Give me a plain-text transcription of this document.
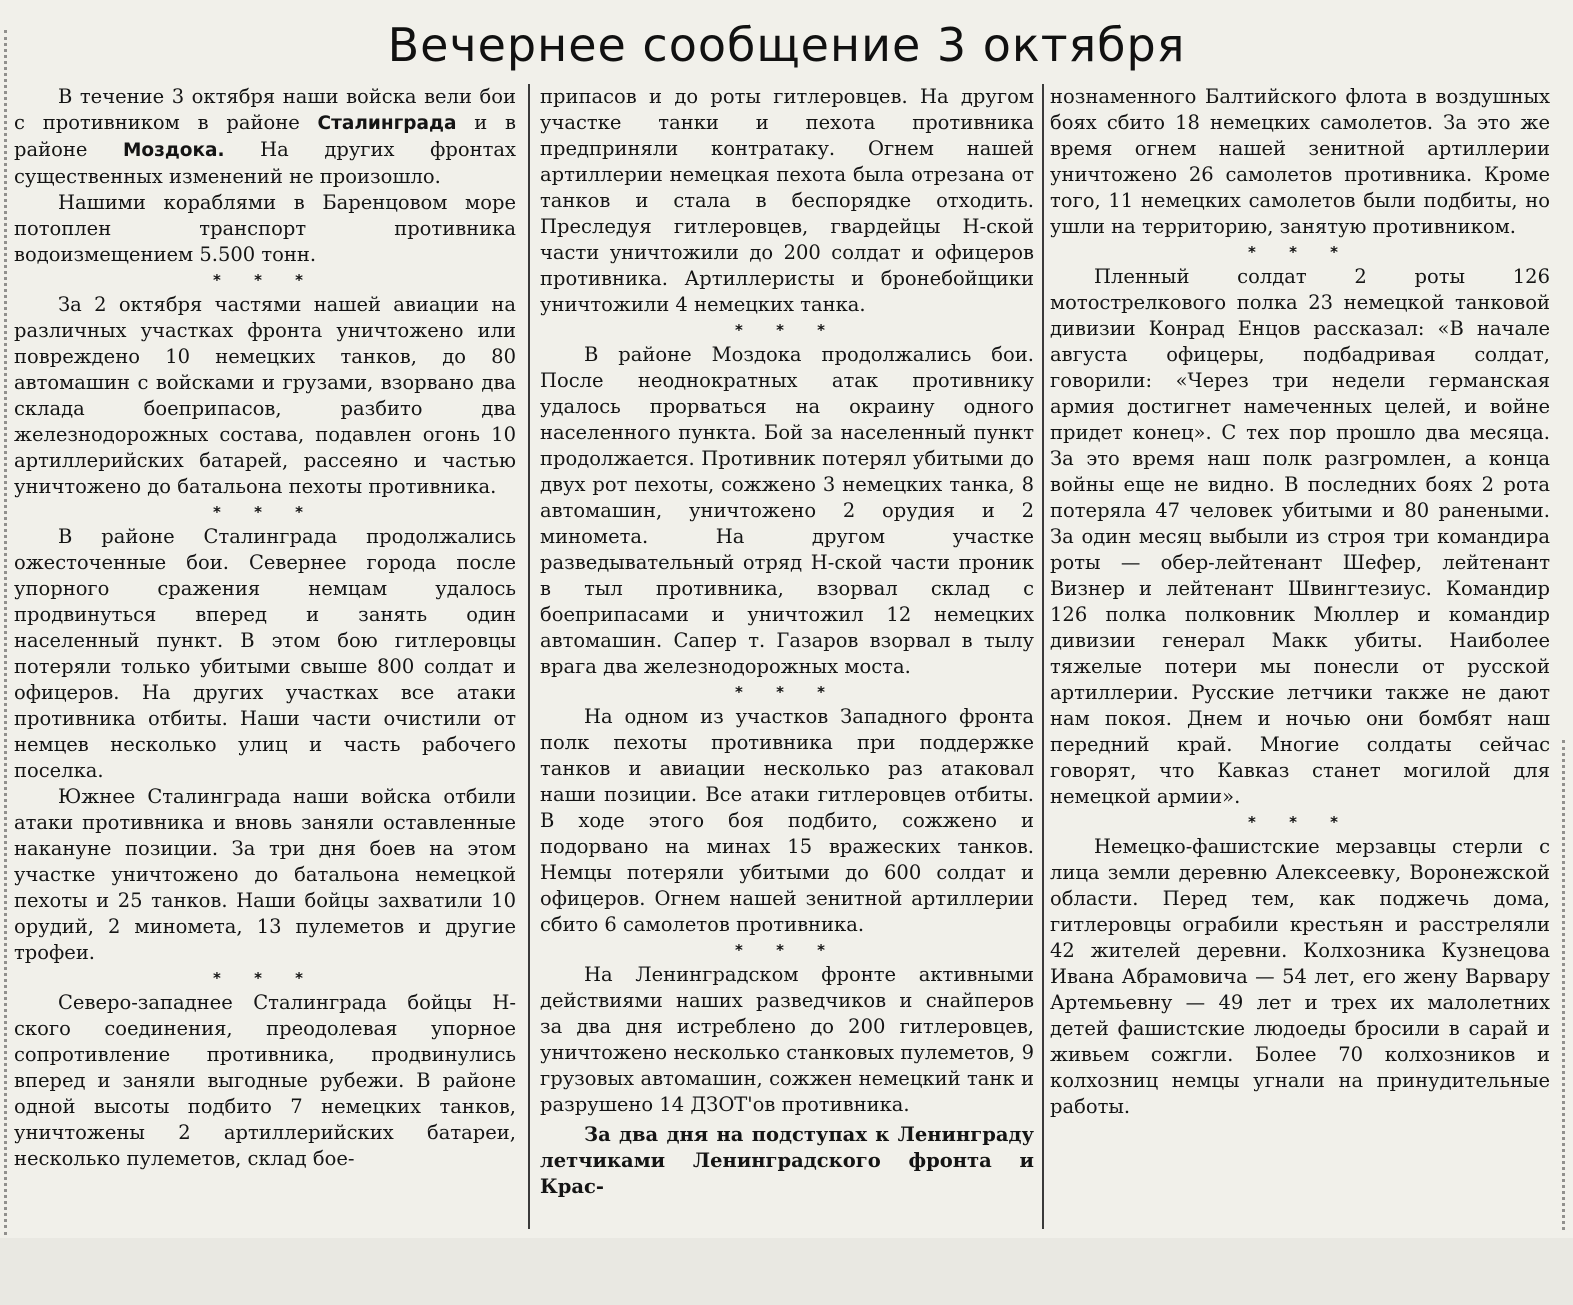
Вечернее сообщение 3 октября

В течение 3 октября наши войска вели бои с противником в районе Сталинграда и в районе Моздока. На других фронтах существенных изменений не произошло.

Нашими кораблями в Баренцовом море потоплен транспорт противника водоизмещением 5.500 тонн.

* * *

За 2 октября частями нашей авиации на различных участках фронта уничтожено или повреждено 10 немецких танков, до 80 автомашин с войсками и грузами, взорвано два склада боеприпасов, разбито два железнодорожных состава, подавлен огонь 10 артиллерийских батарей, рассеяно и частью уничтожено до батальона пехоты противника.

* * *

В районе Сталинграда продолжались ожесточенные бои. Севернее города после упорного сражения немцам удалось продвинуться вперед и занять один населенный пункт. В этом бою гитлеровцы потеряли только убитыми свыше 800 солдат и офицеров. На других участках все атаки противника отбиты. Наши части очистили от немцев несколько улиц и часть рабочего поселка.

Южнее Сталинграда наши войска отбили атаки противника и вновь заняли оставленные накануне позиции. За три дня боев на этом участке уничтожено до батальона немецкой пехоты и 25 танков. Наши бойцы захватили 10 орудий, 2 миномета, 13 пулеметов и другие трофеи.

* * *

Северо-западнее Сталинграда бойцы Н-ского соединения, преодолевая упорное сопротивление противника, продвинулись вперед и заняли выгодные рубежи. В районе одной высоты подбито 7 немецких танков, уничтожены 2 артиллерийских батареи, несколько пулеметов, склад бое-

припасов и до роты гитлеровцев. На другом участке танки и пехота противника предприняли контратаку. Огнем нашей артиллерии немецкая пехота была отрезана от танков и стала в беспорядке отходить. Преследуя гитлеровцев, гвардейцы Н-ской части уничтожили до 200 солдат и офицеров противника. Артиллеристы и бронебойщики уничтожили 4 немецких танка.

* * *

В районе Моздока продолжались бои. После неоднократных атак противнику удалось прорваться на окраину одного населенного пункта. Бой за населенный пункт продолжается. Противник потерял убитыми до двух рот пехоты, сожжено 3 немецких танка, 8 автомашин, уничтожено 2 орудия и 2 миномета. На другом участке разведывательный отряд Н-ской части проник в тыл противника, взорвал склад с боеприпасами и уничтожил 12 немецких автомашин. Сапер т. Газаров взорвал в тылу врага два железнодорожных моста.

* * *

На одном из участков Западного фронта полк пехоты противника при поддержке танков и авиации несколько раз атаковал наши позиции. Все атаки гитлеровцев отбиты. В ходе этого боя подбито, сожжено и подорвано на минах 15 вражеских танков. Немцы потеряли убитыми до 600 солдат и офицеров. Огнем нашей зенитной артиллерии сбито 6 самолетов противника.

* * *

На Ленинградском фронте активными действиями наших разведчиков и снайперов за два дня истреблено до 200 гитлеровцев, уничтожено несколько станковых пулеметов, 9 грузовых автомашин, сожжен немецкий танк и разрушено 14 ДЗОТ'ов противника.

За два дня на подступах к Ленинграду летчиками Ленинградского фронта и Крас-

нознаменного Балтийского флота в воздушных боях сбито 18 немецких самолетов. За это же время огнем нашей зенитной артиллерии уничтожено 26 самолетов противника. Кроме того, 11 немецких самолетов были подбиты, но ушли на территорию, занятую противником.

* * *

Пленный солдат 2 роты 126 мотострелкового полка 23 немецкой танковой дивизии Конрад Енцов рассказал: «В начале августа офицеры, подбадривая солдат, говорили: «Через три недели германская армия достигнет намеченных целей, и войне придет конец». С тех пор прошло два месяца. За это время наш полк разгромлен, а конца войны еще не видно. В последних боях 2 рота потеряла 47 человек убитыми и 80 ранеными. За один месяц выбыли из строя три командира роты — обер-лейтенант Шефер, лейтенант Визнер и лейтенант Швингтезиус. Командир 126 полка полковник Мюллер и командир дивизии генерал Макк убиты. Наиболее тяжелые потери мы понесли от русской артиллерии. Русские летчики также не дают нам покоя. Днем и ночью они бомбят наш передний край. Многие солдаты сейчас говорят, что Кавказ станет могилой для немецкой армии».

* * *

Немецко-фашистские мерзавцы стерли с лица земли деревню Алексеевку, Воронежской области. Перед тем, как поджечь дома, гитлеровцы ограбили крестьян и расстреляли 42 жителей деревни. Колхозника Кузнецова Ивана Абрамовича — 54 лет, его жену Варвару Артемьевну — 49 лет и трех их малолетних детей фашистские людоеды бросили в сарай и живьем сожгли. Более 70 колхозников и колхозниц немцы угнали на принудительные работы.
